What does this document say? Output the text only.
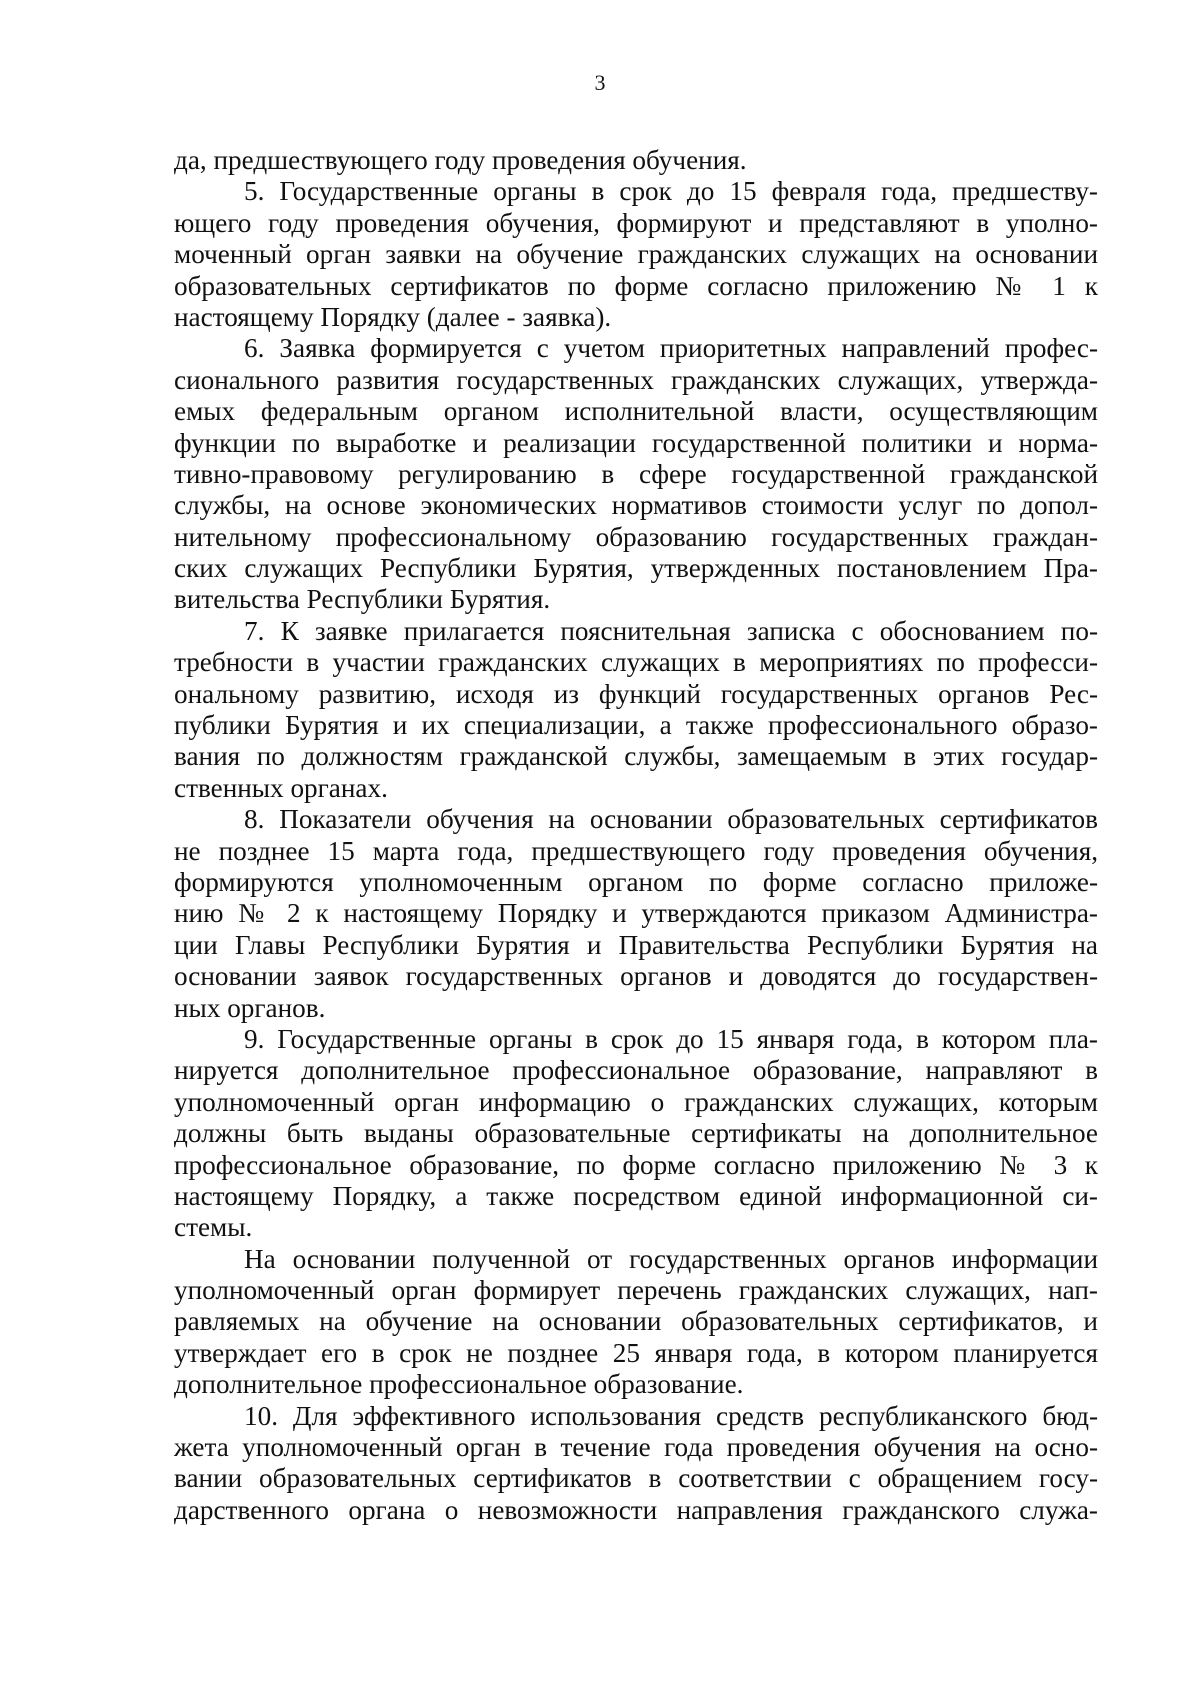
3
да, предшествующего году проведения обучения.
5. Государственные органы в срок до 15 февраля года, предшеству-
ющего году проведения обучения, формируют и представляют в уполно-
моченный орган заявки на обучение гражданских служащих на основании
образовательных сертификатов по форме согласно приложению № 1 к
настоящему Порядку (далее - заявка).
6. Заявка формируется с учетом приоритетных направлений профес-
сионального развития государственных гражданских служащих, утвержда-
емых федеральным органом исполнительной власти, осуществляющим
функции по выработке и реализации государственной политики и норма-
тивно-правовому регулированию в сфере государственной гражданской
службы, на основе экономических нормативов стоимости услуг по допол-
нительному профессиональному образованию государственных граждан-
ских служащих Республики Бурятия, утвержденных постановлением Пра-
вительства Республики Бурятия.
7. К заявке прилагается пояснительная записка с обоснованием по-
требности в участии гражданских служащих в мероприятиях по професси-
ональному развитию, исходя из функций государственных органов Рес-
публики Бурятия и их специализации, а также профессионального образо-
вания по должностям гражданской службы, замещаемым в этих государ-
ственных органах.
8. Показатели обучения на основании образовательных сертификатов
не позднее 15 марта года, предшествующего году проведения обучения,
формируются уполномоченным органом по форме согласно приложе-
нию № 2 к настоящему Порядку и утверждаются приказом Администра-
ции Главы Республики Бурятия и Правительства Республики Бурятия на
основании заявок государственных органов и доводятся до государствен-
ных органов.
9. Государственные органы в срок до 15 января года, в котором пла-
нируется дополнительное профессиональное образование, направляют в
уполномоченный орган информацию о гражданских служащих, которым
должны быть выданы образовательные сертификаты на дополнительное
профессиональное образование, по форме согласно приложению № 3 к
настоящему Порядку, а также посредством единой информационной си-
стемы.
На основании полученной от государственных органов информации
уполномоченный орган формирует перечень гражданских служащих, нап-
равляемых на обучение на основании образовательных сертификатов, и
утверждает его в срок не позднее 25 января года, в котором планируется
дополнительное профессиональное образование.
10. Для эффективного использования средств республиканского бюд-
жета уполномоченный орган в течение года проведения обучения на осно-
вании образовательных сертификатов в соответствии с обращением госу-
дарственного органа о невозможности направления гражданского служа-
